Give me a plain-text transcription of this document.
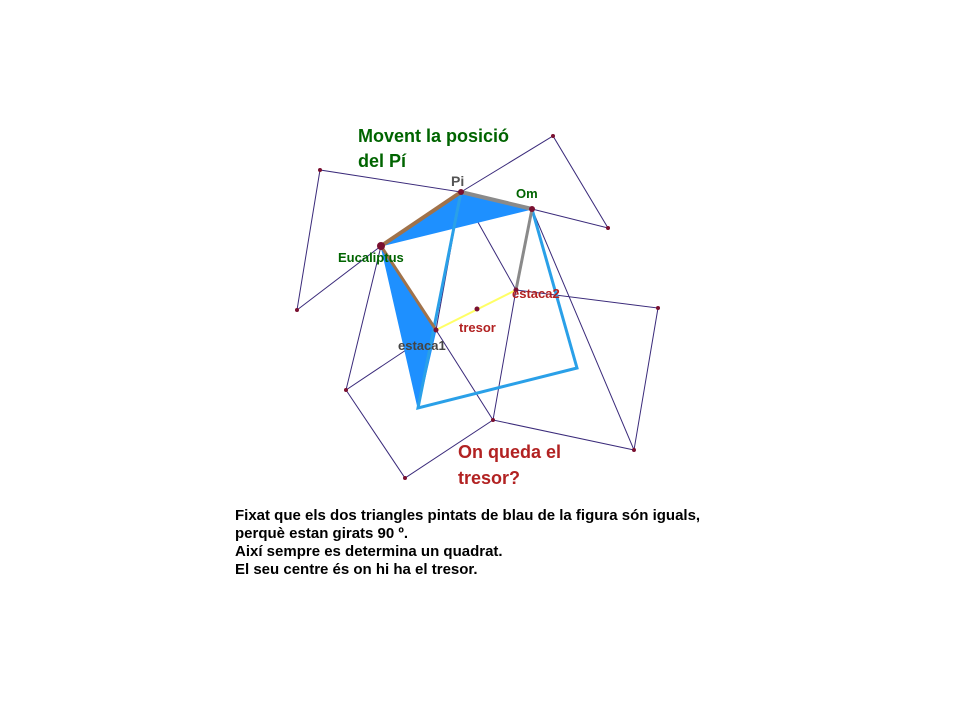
Movent la posició
del Pí
Pi
Om
Eucaliptus
estaca2
tresor
estaca1
On queda el
tresor?
Fixat que els dos triangles pintats de blau de la figura són iguals,
perquè estan girats 90 º.
Així sempre es determina un quadrat.
El seu centre és on hi ha el tresor.
